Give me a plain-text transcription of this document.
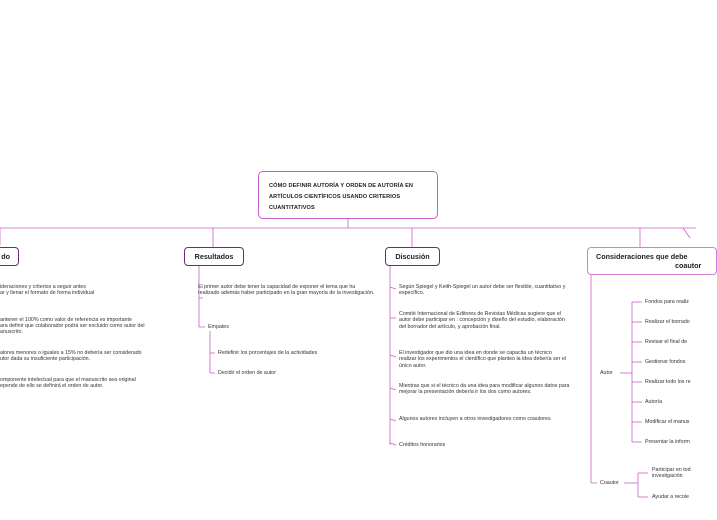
CÓMO DEFINIR AUTORÍA Y ORDEN DE AUTORÍA EN ARTÍCULOS CIENTÍFICOS USANDO CRITERIOS CUANTITATIVOS
do	Resultados	Discusión	Consideraciones que debe
coautor
ideraciones y criterios a seguir antes
ar y llenar el formato de forma individual
antener el 100% como valor de referencia es importante
ara definir que colaborador podrá ser excluido como autor del
anuscrito.
alores menores o iguales a 15% no debería ser considerado
utor dada su insuficiente participación.
omponente intelectual para que el manuscrito sea original
epende de ello se definirá el orden de autor.
El primer autor debe tener la capacidad de exponer el tema que ha realizado además haber participado en la gran mayoría de la investigación.
Empates
Redefinir los porcentajes de la actividades
Decidir el orden de autor
Según Spiegel y Keith-Spiegel un autor debe ser flexible, cuantitativo y específico.
Comité Internacional de Editores de Revistas Médicas sugiere que el autor debe participar en : concepción y diseño del estudio, elaboración del borrador del artículo, y aprobación final.
El investigador que dio una idea en donde se capacita un técnico realizar los experimentos el científico que planteo la idea debería ser el único autor.
Mientras que si el técnico da una idea para modificar algunos datos para mejorar la presentación debería ir los dos como autores.
Algunos autores incluyen a otros investigadores como coautores
Créditos honorarios
Autor
Fondos para realiz
Realizar el borrado
Revisar el final de
Gestionar fondos
Realizar todo los re
Autoría
Modificar el manus
Presentar la inform
Coautor
Participar en tod investigación
Ayudar a recole
